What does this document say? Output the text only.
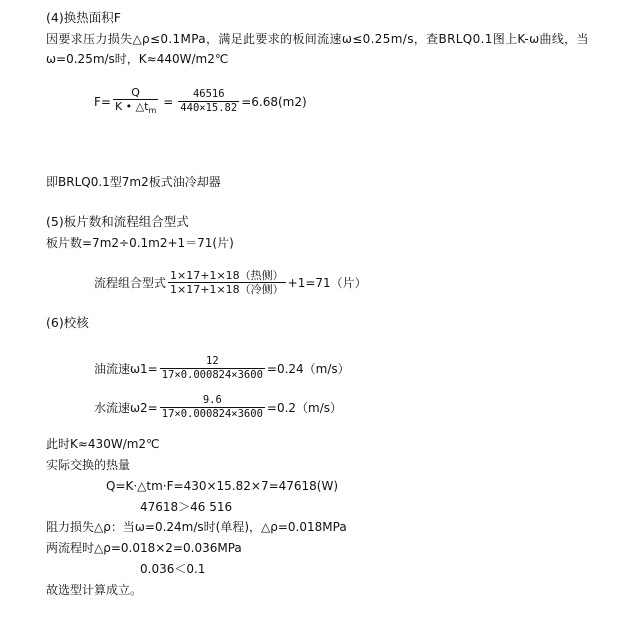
(4)换热面积F
因要求压力损失△ρ≤0.1MPa，满足此要求的板间流速ω≤0.25m/s，查BRLQ0.1图上K-ω曲线，当
ω=0.25m/s时，K≈440W/m2℃
$F= \frac{Q}{K • \triangle t_m} = \frac{46516}{440\times 15.82} =6.68(m2)$
即BRLQ0.1型7m2板式油冷却器
(5)板片数和流程组合型式
板片数=7m2÷0.1m2+1＝71(片)
流程组合型式 $\frac{\text{1×17+1×18（热侧）}}{\text{1×17+1×18（冷侧）}} +1=71$（片）
(6)校核
油流速$\omega 1= \frac{12}{17\times 0.000824\times 3600} =0.24(m/s)$
水流速$\omega 2= \frac{9.6}{17\times 0.000824\times 3600} =0.2(m/s)$
此时K≈430W/m2℃
实际交换的热量
Q=K·△tm·F=430×15.82×7=47618(W)
47618＞46 516
阻力损失△ρ：当ω=0.24m/s时(单程)，△ρ=0.018MPa
两流程时△ρ=0.018×2=0.036MPa
0.036＜0.1
故选型计算成立。
